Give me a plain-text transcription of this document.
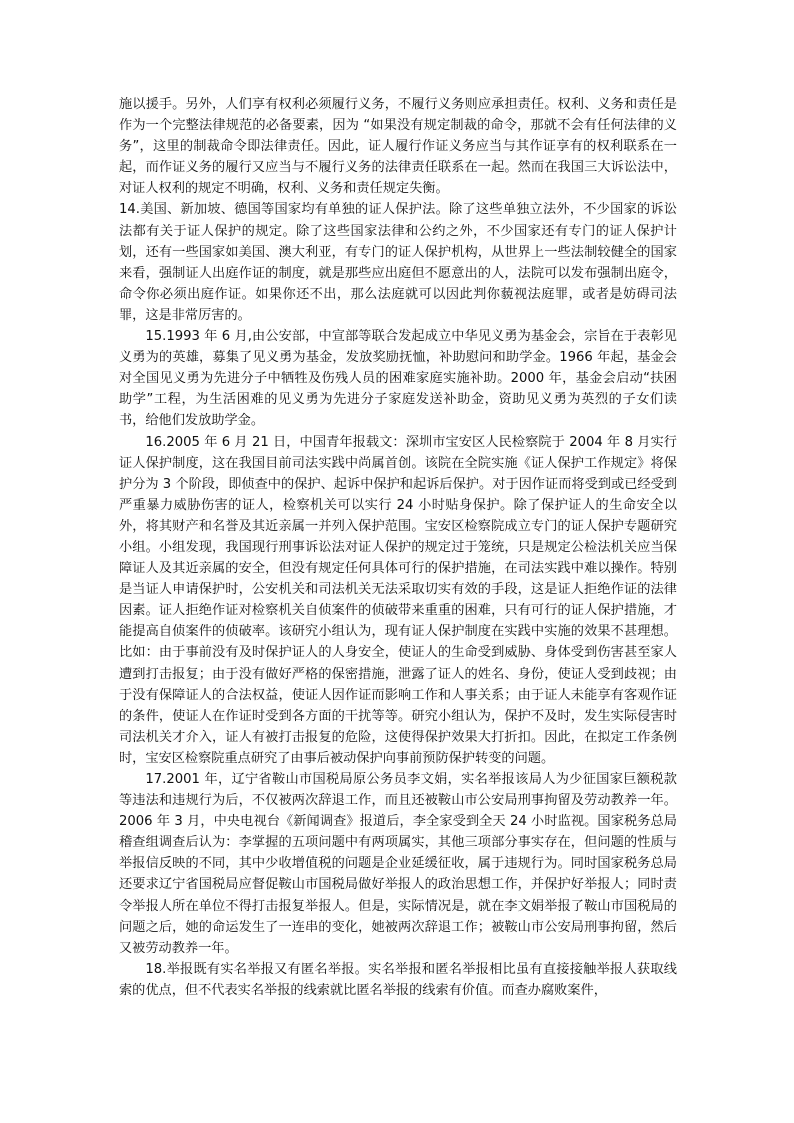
施以援手。另外，人们享有权利必须履行义务，不履行义务则应承担责任。权利、义务和责任是作为一个完整法律规范的必备要素，因为 “如果没有规定制裁的命令，那就不会有任何法律的义务”，这里的制裁命令即法律责任。因此，证人履行作证义务应当与其作证享有的权利联系在一起，而作证义务的履行又应当与不履行义务的法律责任联系在一起。然而在我国三大诉讼法中，对证人权利的规定不明确，权利、义务和责任规定失衡。

14.美国、新加坡、德国等国家均有单独的证人保护法。除了这些单独立法外，不少国家的诉讼法都有关于证人保护的规定。除了这些国家法律和公约之外，不少国家还有专门的证人保护计划，还有一些国家如美国、澳大利亚，有专门的证人保护机构，从世界上一些法制较健全的国家来看，强制证人出庭作证的制度，就是那些应出庭但不愿意出的人，法院可以发布强制出庭令，命令你必须出庭作证。如果你还不出，那么法庭就可以因此判你藐视法庭罪，或者是妨碍司法罪，这是非常厉害的。

15.1993 年 6 月,由公安部，中宣部等联合发起成立中华见义勇为基金会，宗旨在于表彰见义勇为的英雄，募集了见义勇为基金，发放奖励抚恤，补助慰问和助学金。1966 年起，基金会对全国见义勇为先进分子中牺牲及伤残人员的困难家庭实施补助。2000 年，基金会启动“扶困助学”工程，为生活困难的见义勇为先进分子家庭发送补助金，资助见义勇为英烈的子女们读书，给他们发放助学金。

16.2005 年 6 月 21 日，中国青年报载文：深圳市宝安区人民检察院于 2004 年 8 月实行证人保护制度，这在我国目前司法实践中尚属首创。该院在全院实施《证人保护工作规定》将保护分为 3 个阶段，即侦查中的保护、起诉中保护和起诉后保护。对于因作证而将受到或已经受到严重暴力威胁伤害的证人，检察机关可以实行 24 小时贴身保护。除了保护证人的生命安全以外，将其财产和名誉及其近亲属一并列入保护范围。宝安区检察院成立专门的证人保护专题研究小组。小组发现，我国现行刑事诉讼法对证人保护的规定过于笼统，只是规定公检法机关应当保障证人及其近亲属的安全，但没有规定任何具体可行的保护措施，在司法实践中难以操作。特别是当证人申请保护时，公安机关和司法机关无法采取切实有效的手段，这是证人拒绝作证的法律因素。证人拒绝作证对检察机关自侦案件的侦破带来重重的困难，只有可行的证人保护措施，才能提高自侦案件的侦破率。该研究小组认为，现有证人保护制度在实践中实施的效果不甚理想。比如：由于事前没有及时保护证人的人身安全，使证人的生命受到威胁、身体受到伤害甚至家人遭到打击报复；由于没有做好严格的保密措施，泄露了证人的姓名、身份，使证人受到歧视；由于没有保障证人的合法权益，使证人因作证而影响工作和人事关系；由于证人未能享有客观作证的条件，使证人在作证时受到各方面的干扰等等。研究小组认为，保护不及时，发生实际侵害时司法机关才介入，证人有被打击报复的危险，这使得保护效果大打折扣。因此，在拟定工作条例时，宝安区检察院重点研究了由事后被动保护向事前预防保护转变的问题。

17.2001 年，辽宁省鞍山市国税局原公务员李文娟，实名举报该局人为少征国家巨额税款等违法和违规行为后，不仅被两次辞退工作，而且还被鞍山市公安局刑事拘留及劳动教养一年。2006 年 3 月，中央电视台《新闻调查》报道后，李全家受到全天 24 小时监视。国家税务总局稽查组调查后认为：李掌握的五项问题中有两项属实，其他三项部分事实存在，但问题的性质与举报信反映的不同，其中少收增值税的问题是企业延缓征收，属于违规行为。同时国家税务总局还要求辽宁省国税局应督促鞍山市国税局做好举报人的政治思想工作，并保护好举报人；同时责令举报人所在单位不得打击报复举报人。但是，实际情况是，就在李文娟举报了鞍山市国税局的问题之后，她的命运发生了一连串的变化，她被两次辞退工作；被鞍山市公安局刑事拘留，然后又被劳动教养一年。

18.举报既有实名举报又有匿名举报。实名举报和匿名举报相比虽有直接接触举报人获取线索的优点，但不代表实名举报的线索就比匿名举报的线索有价值。而查办腐败案件，
